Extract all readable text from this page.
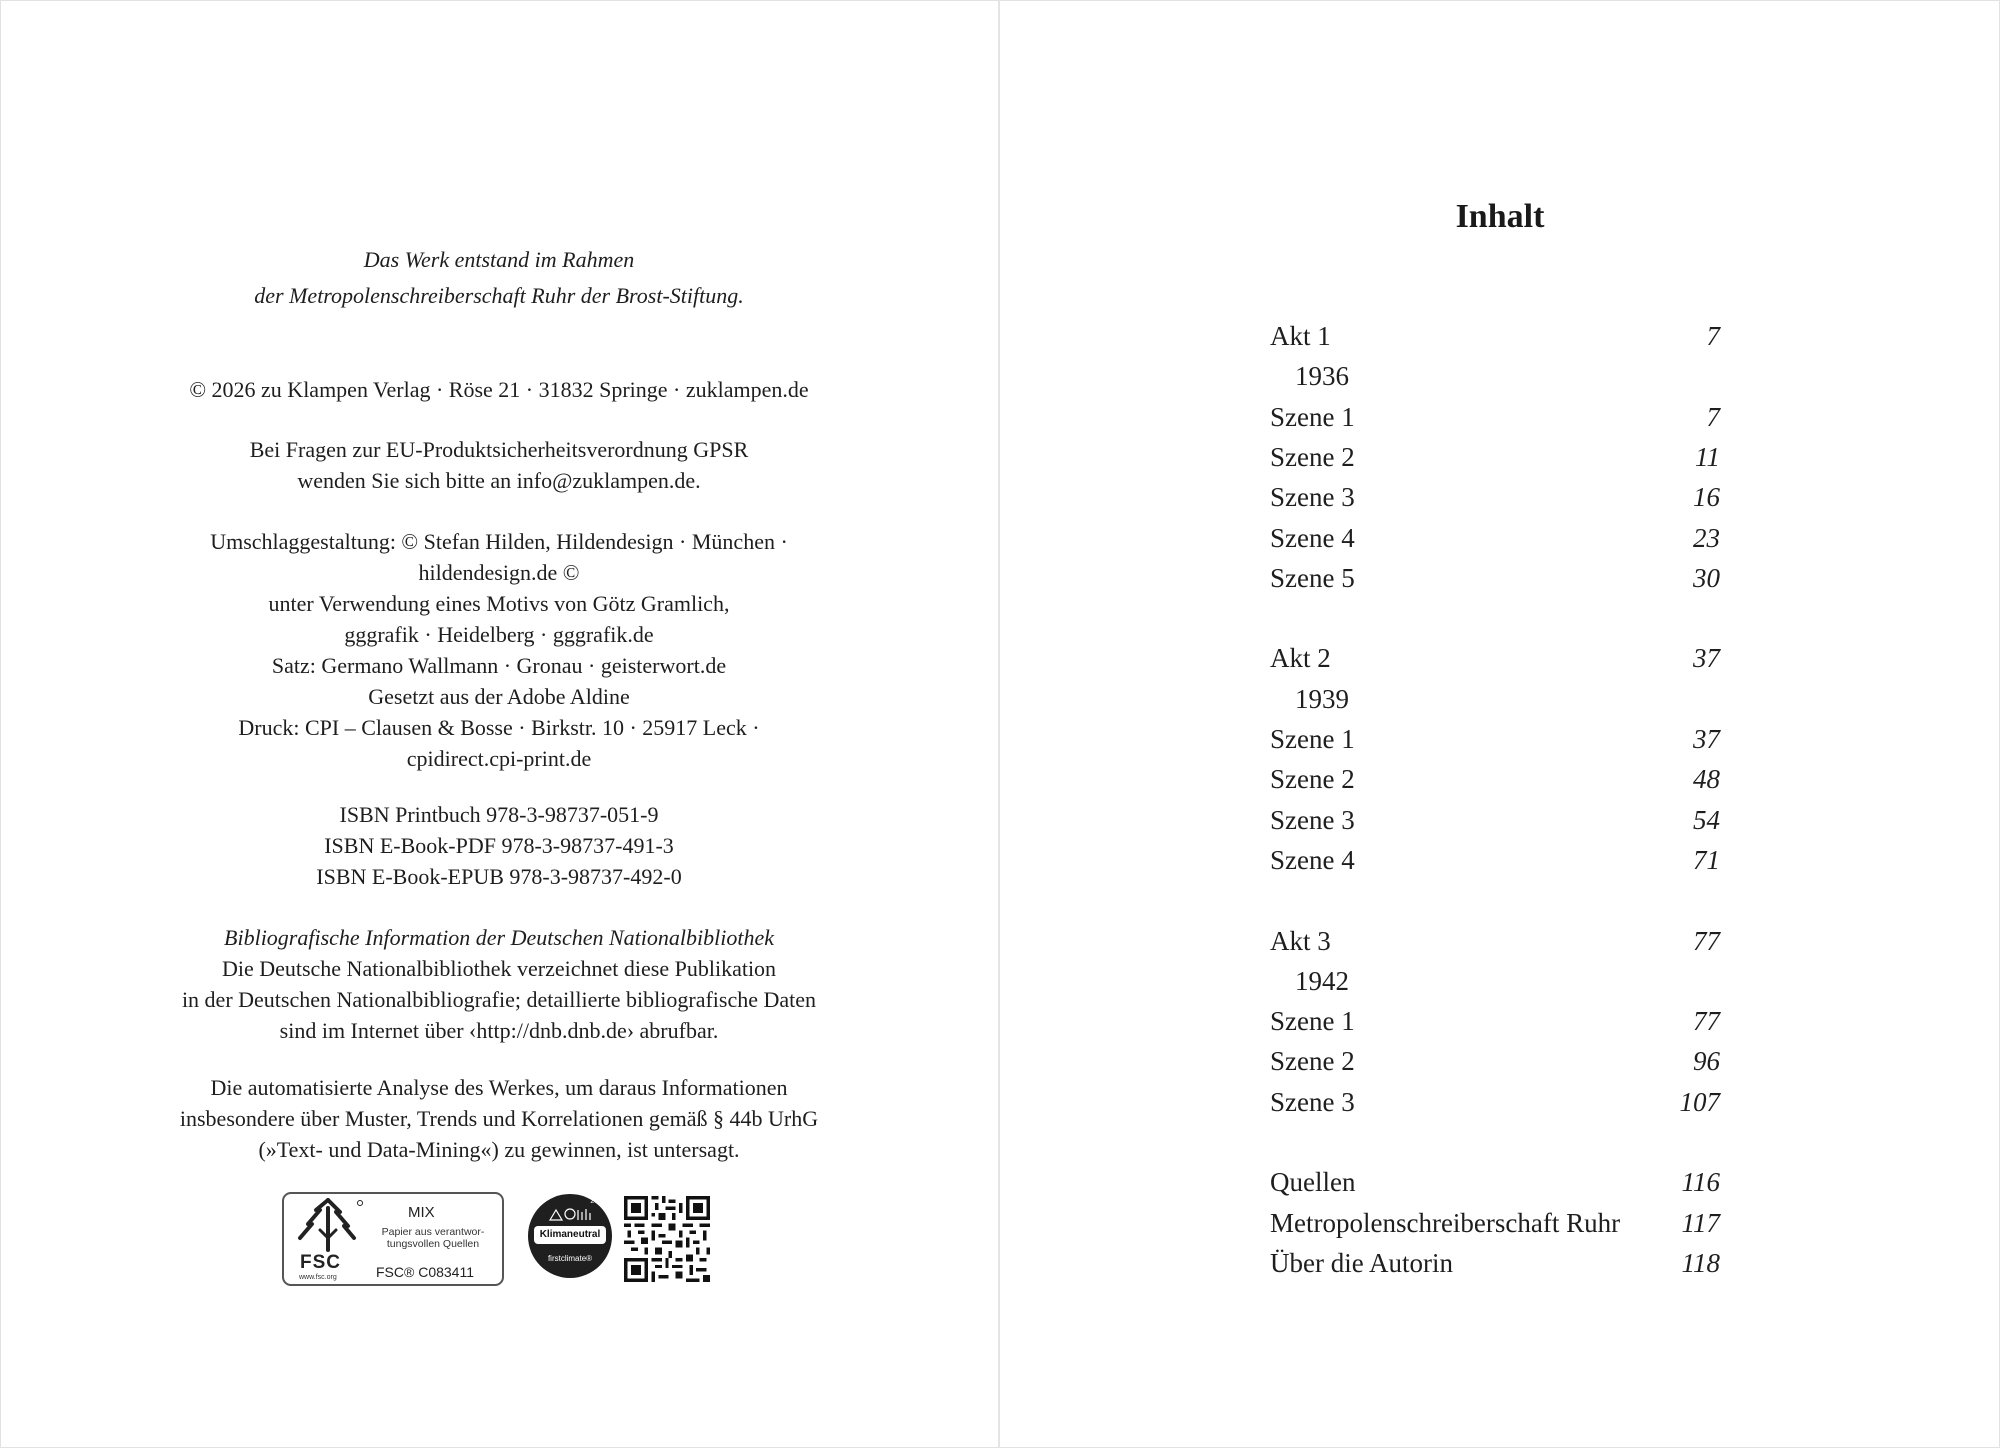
Das Werk entstand im Rahmen
der Metropolenschreiberschaft Ruhr der Brost-Stiftung.
© 2026 zu Klampen Verlag · Röse 21 · 31832 Springe · zuklampen.de
Bei Fragen zur EU-Produktsicherheitsverordnung GPSR
wenden Sie sich bitte an info@zuklampen.de.
Umschlaggestaltung: © Stefan Hilden, Hildendesign · München ·
hildendesign.de ©
unter Verwendung eines Motivs von Götz Gramlich,
gggrafik · Heidelberg · gggrafik.de
Satz: Germano Wallmann · Gronau · geisterwort.de
Gesetzt aus der Adobe Aldine
Druck: CPI – Clausen & Bosse · Birkstr. 10 · 25917 Leck ·
cpidirect.cpi-print.de
ISBN Printbuch 978-3-98737-051-9
ISBN E-Book-PDF 978-3-98737-491-3
ISBN E-Book-EPUB 978-3-98737-492-0
Bibliografische Information der Deutschen Nationalbibliothek
Die Deutsche Nationalbibliothek verzeichnet diese Publikation
in der Deutschen Nationalbibliografie; detaillierte bibliografische Daten
sind im Internet über ‹http://dnb.dnb.de› abrufbar.
Die automatisierte Analyse des Werkes, um daraus Informationen
insbesondere über Muster, Trends und Korrelationen gemäß § 44b UrhG
(»Text- und Data-Mining«) zu gewinnen, ist untersagt.
FSC
www.fsc.org
MIX
Papier aus verantwor-
tungsvollen Quellen
FSC® C083411
2021
Klimaneutral
firstclimate®
Inhalt
Akt 1	7
1936
Szene 1	7
Szene 2	11
Szene 3	16
Szene 4	23
Szene 5	30
Akt 2	37
1939
Szene 1	37
Szene 2	48
Szene 3	54
Szene 4	71
Akt 3	77
1942
Szene 1	77
Szene 2	96
Szene 3	107
Quellen	116
Metropolenschreiberschaft Ruhr 117
Über die Autorin	118
